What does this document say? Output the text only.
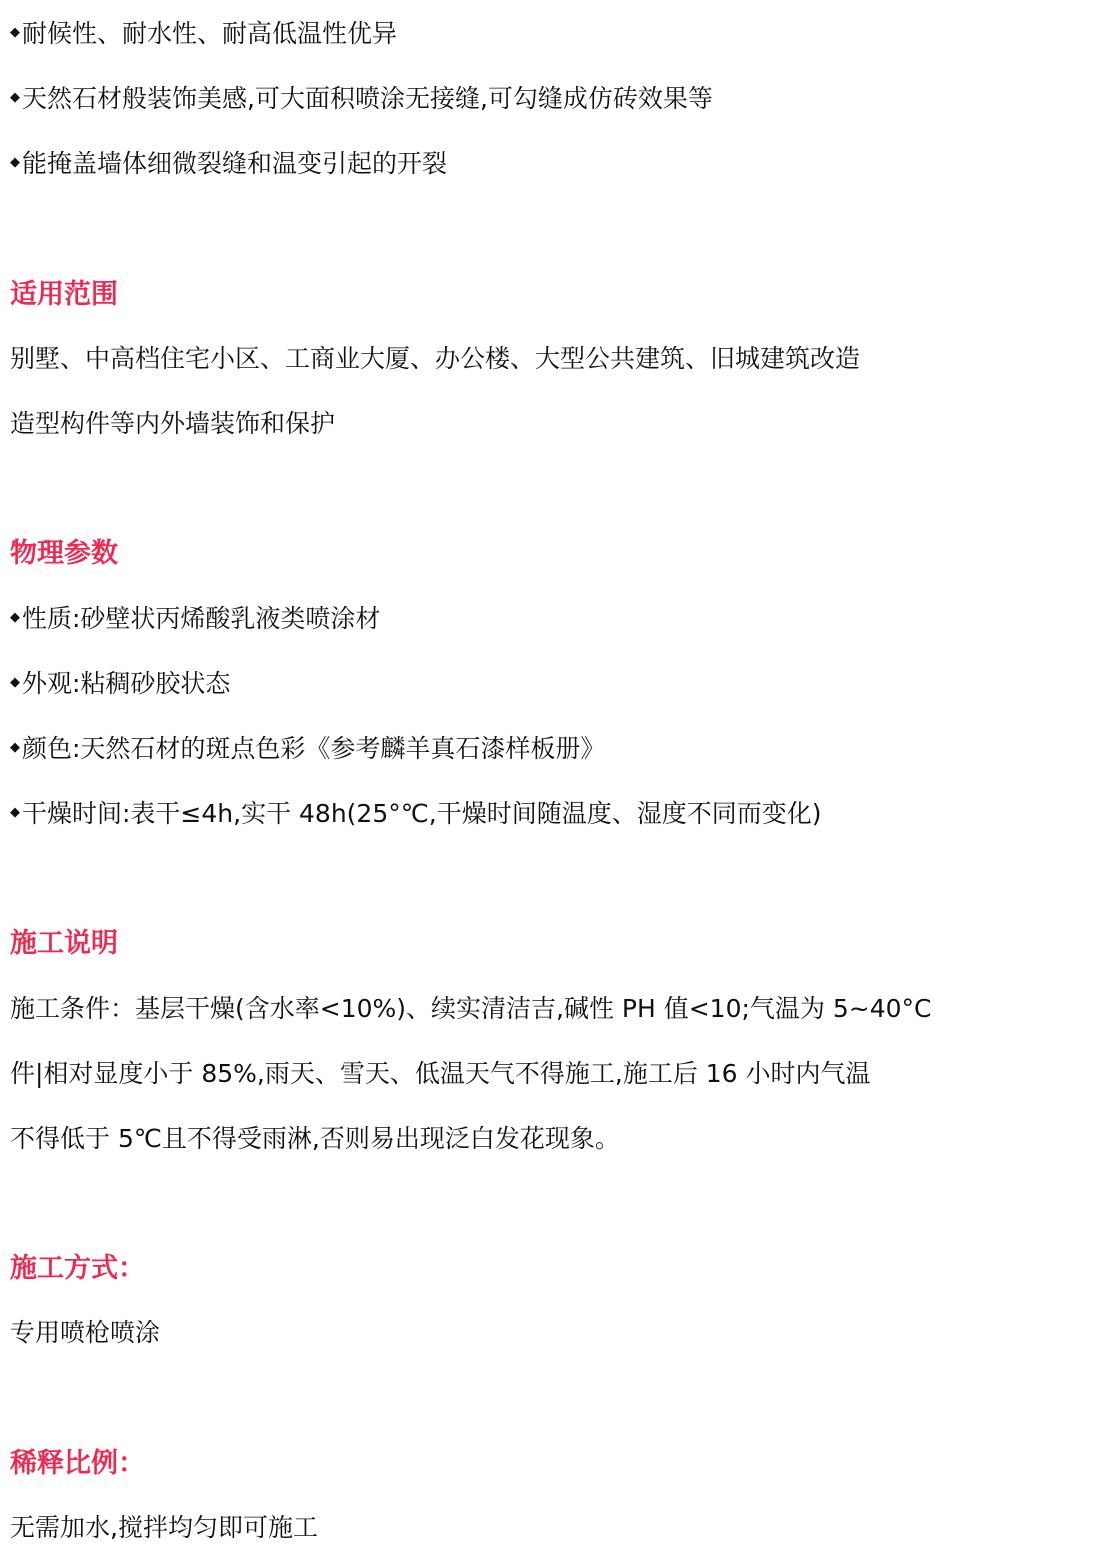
◆耐候性、耐水性、耐高低温性优异
◆天然石材般装饰美感,可大面积喷涂无接缝,可勾缝成仿砖效果等
◆能掩盖墙体细微裂缝和温变引起的开裂
适用范围
别墅、中高档住宅小区、工商业大厦、办公楼、大型公共建筑、旧城建筑改造
造型构件等内外墙装饰和保护
物理参数
◆性质:砂壁状丙烯酸乳液类喷涂材
◆外观:粘稠砂胶状态
◆颜色:天然石材的斑点色彩《参考麟羊真石漆样板册》
◆干燥时间:表干≤4h,实干 48h(25°℃,干燥时间随温度、湿度不同而变化)
施工说明
施工条件：基层干燥(含水率<10%)、续实清洁吉,碱性 PH 值<10;气温为 5~40°C
件|相对显度小于 85%,雨天、雪天、低温天气不得施工,施工后 16 小时内气温
不得低于 5℃且不得受雨淋,否则易出现泛白发花现象。
施工方式：
专用喷枪喷涂
稀释比例：
无需加水,搅拌均匀即可施工
